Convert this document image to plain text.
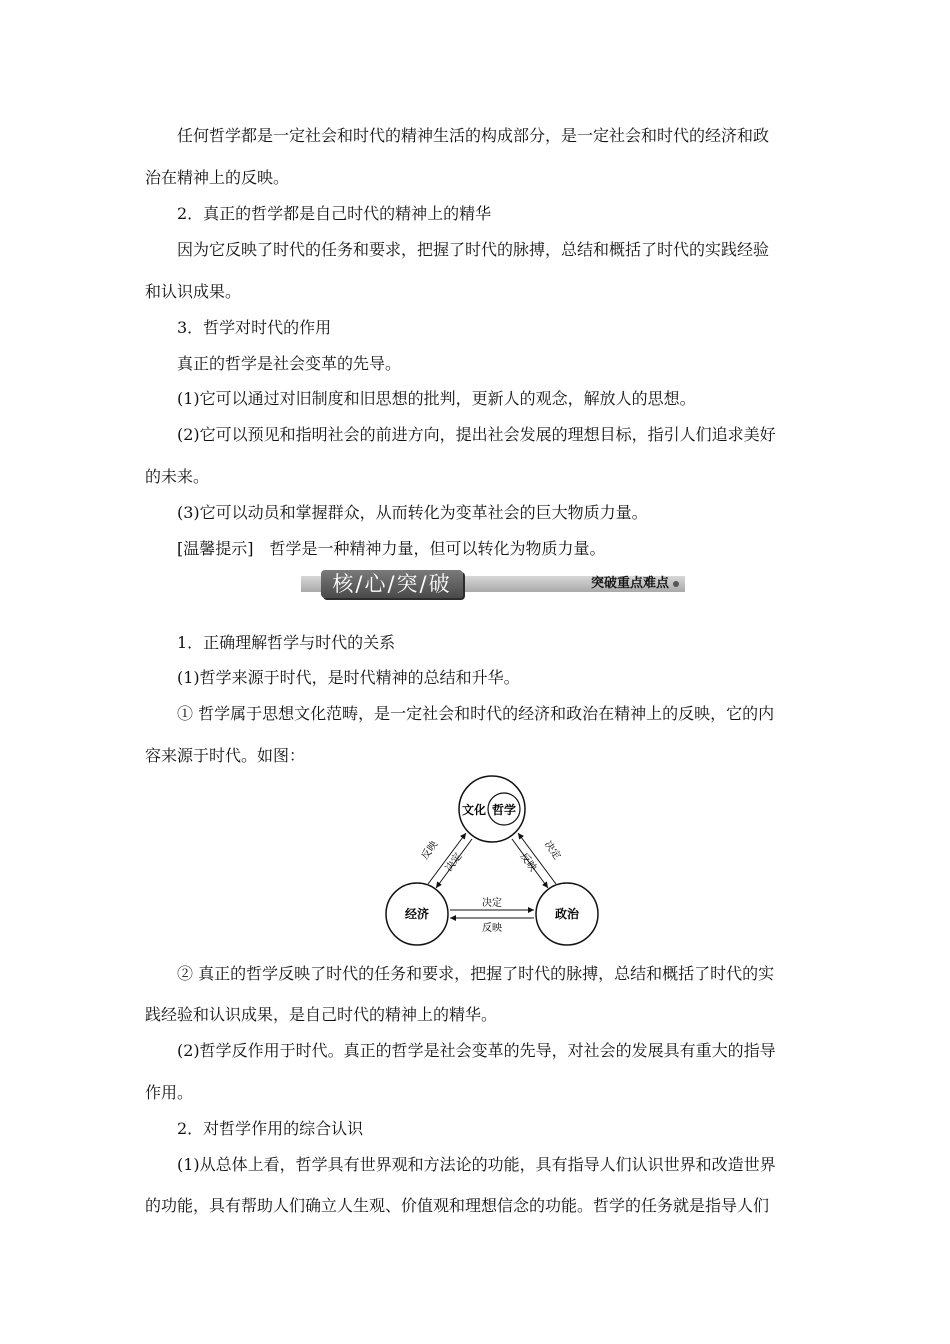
任何哲学都是一定社会和时代的精神生活的构成部分，是一定社会和时代的经济和政

治在精神上的反映。

2．真正的哲学都是自己时代的精神上的精华

因为它反映了时代的任务和要求，把握了时代的脉搏，总结和概括了时代的实践经验

和认识成果。

3．哲学对时代的作用

真正的哲学是社会变革的先导。

(1)它可以通过对旧制度和旧思想的批判，更新人的观念，解放人的思想。

(2)它可以预见和指明社会的前进方向，提出社会发展的理想目标，指引人们追求美好

的未来。

(3)它可以动员和掌握群众，从而转化为变革社会的巨大物质力量。

[温馨提示]　哲学是一种精神力量，但可以转化为物质力量。

核/心/突/破	突破重点难点

1．正确理解哲学与时代的关系

(1)哲学来源于时代，是时代精神的总结和升华。

① 哲学属于思想文化范畴，是一定社会和时代的经济和政治在精神上的反映，它的内

容来源于时代。如图：

文化 哲学
经济	政治
反映
决定
决定
反映
决定
反映

② 真正的哲学反映了时代的任务和要求，把握了时代的脉搏，总结和概括了时代的实

践经验和认识成果，是自己时代的精神上的精华。

(2)哲学反作用于时代。真正的哲学是社会变革的先导，对社会的发展具有重大的指导

作用。

2．对哲学作用的综合认识

(1)从总体上看，哲学具有世界观和方法论的功能，具有指导人们认识世界和改造世界

的功能，具有帮助人们确立人生观、价值观和理想信念的功能。哲学的任务就是指导人们
